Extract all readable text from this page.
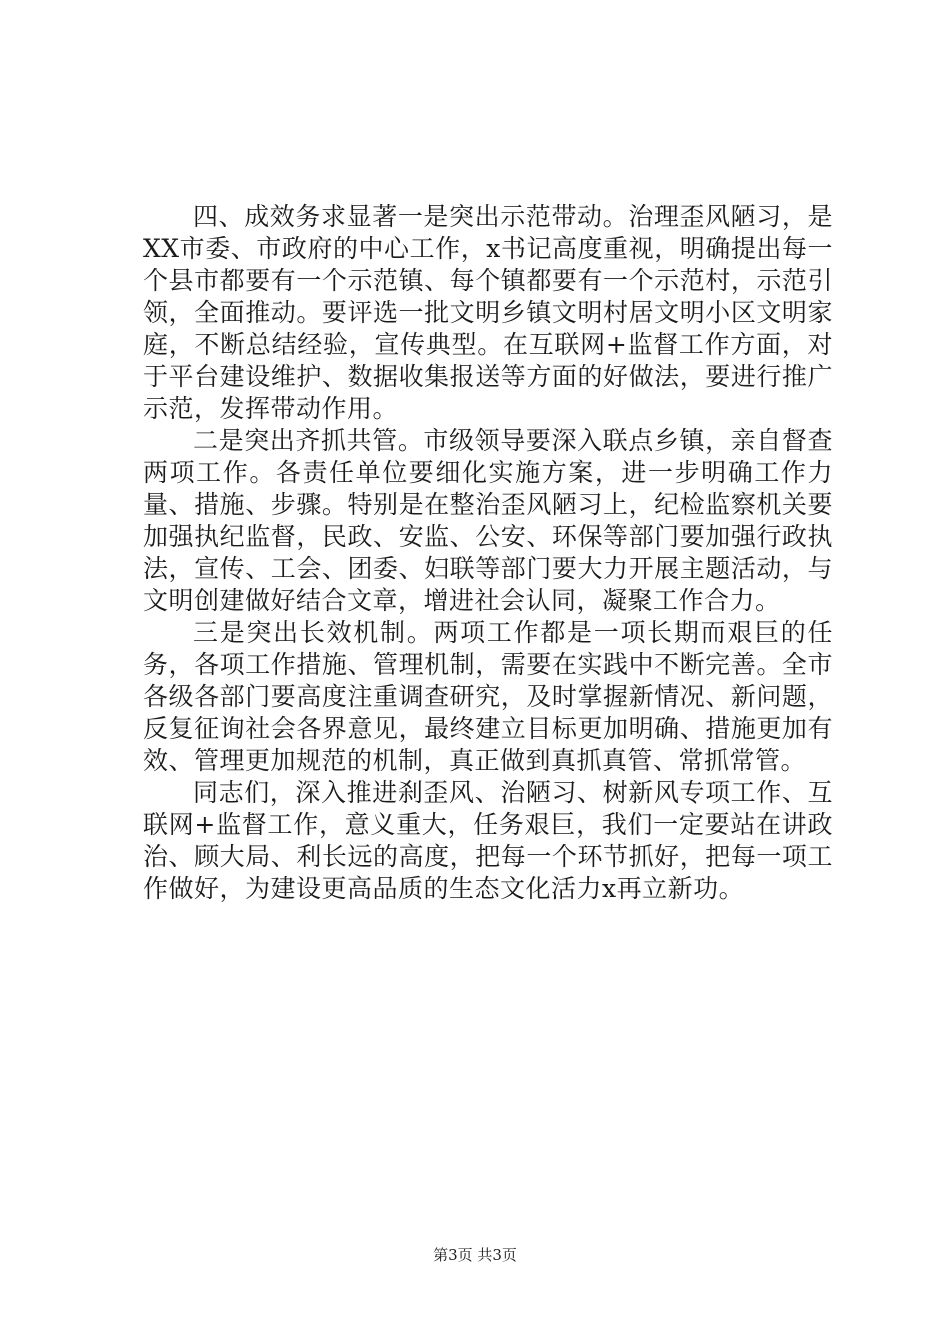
四、成效务求显著一是突出示范带动。治理歪风陋习，是XX市委、市政府的中心工作，x书记高度重视，明确提出每一个县市都要有一个示范镇、每个镇都要有一个示范村，示范引领，全面推动。要评选一批文明乡镇文明村居文明小区文明家庭，不断总结经验，宣传典型。在互联网+监督工作方面，对于平台建设维护、数据收集报送等方面的好做法，要进行推广示范，发挥带动作用。

二是突出齐抓共管。市级领导要深入联点乡镇，亲自督查两项工作。各责任单位要细化实施方案，进一步明确工作力量、措施、步骤。特别是在整治歪风陋习上，纪检监察机关要加强执纪监督，民政、安监、公安、环保等部门要加强行政执法，宣传、工会、团委、妇联等部门要大力开展主题活动，与文明创建做好结合文章，增进社会认同，凝聚工作合力。

三是突出长效机制。两项工作都是一项长期而艰巨的任务，各项工作措施、管理机制，需要在实践中不断完善。全市各级各部门要高度注重调查研究，及时掌握新情况、新问题，反复征询社会各界意见，最终建立目标更加明确、措施更加有效、管理更加规范的机制，真正做到真抓真管、常抓常管。

同志们，深入推进刹歪风、治陋习、树新风专项工作、互联网+监督工作，意义重大，任务艰巨，我们一定要站在讲政治、顾大局、利长远的高度，把每一个环节抓好，把每一项工作做好，为建设更高品质的生态文化活力x再立新功。

第3页 共3页
